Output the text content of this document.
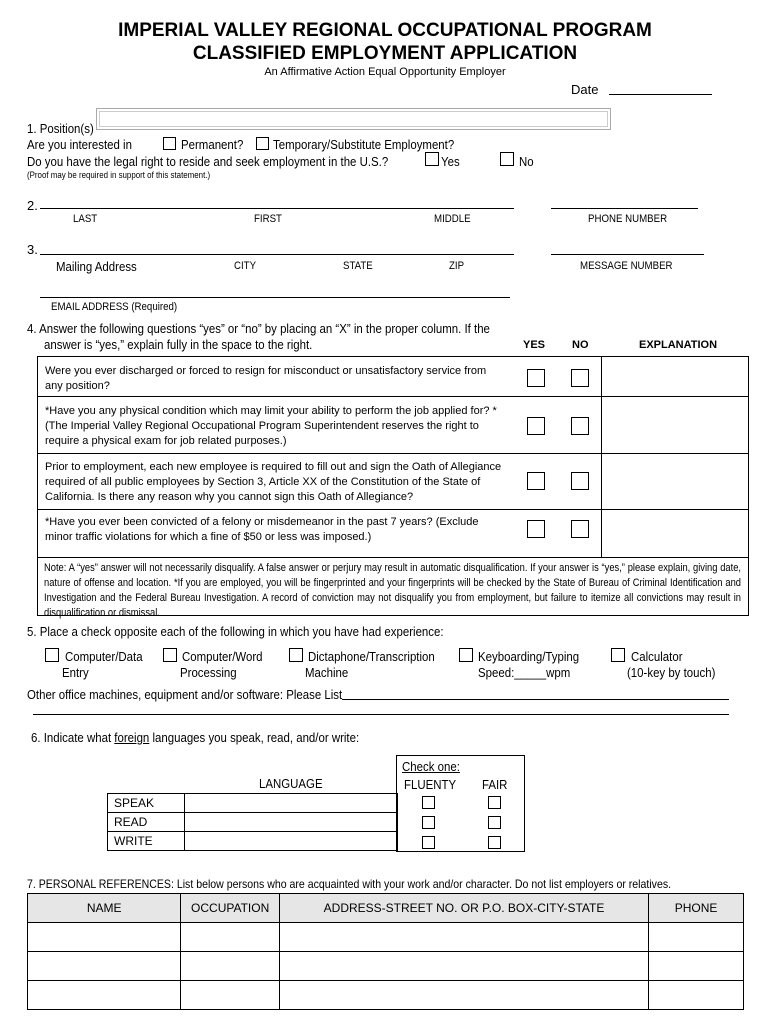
IMPERIAL VALLEY REGIONAL OCCUPATIONAL PROGRAM
CLASSIFIED EMPLOYMENT APPLICATION
An Affirmative Action Equal Opportunity Employer
Date
1. Position(s)
Are you interested in	Permanent? Temporary/Substitute Employment?
Do you have the legal right to reside and seek employment in the U.S.?	Yes	No
(Proof may be required in support of this statement.)
2.
LAST	FIRST	MIDDLE	PHONE NUMBER
3.
Mailing Address	CITY	STATE	ZIP	MESSAGE NUMBER
EMAIL ADDRESS (Required)
4. Answer the following questions “yes” or “no” by placing an “X” in the proper column. If the
answer is “yes,” explain fully in the space to the right.	YES NO	EXPLANATION
Were you ever discharged or forced to resign for misconduct or unsatisfactory service from any position?
*Have you any physical condition which may limit your ability to perform the job applied for? *(The Imperial Valley Regional Occupational Program Superintendent reserves the right to require a physical exam for job related purposes.)
Prior to employment, each new employee is required to fill out and sign the Oath of Allegiance required of all public employees by Section 3, Article XX of the Constitution of the State of California. Is there any reason why you cannot sign this Oath of Allegiance?
*Have you ever been convicted of a felony or misdemeanor in the past 7 years? (Exclude minor traffic violations for which a fine of $50 or less was imposed.)
Note: A “yes” answer will not necessarily disqualify. A false answer or perjury may result in automatic disqualification. If your answer is “yes,” please explain, giving date, nature of offense and location. *If you are employed, you will be fingerprinted and your fingerprints will be checked by the State of Bureau of Criminal Identification and Investigation and the Federal Bureau Investigation. A record of conviction may not disqualify you from employment, but failure to itemize all convictions may result in disqualification or dismissal.
5. Place a check opposite each of the following in which you have had experience:
Computer/Data
Entry
Computer/Word
Processing
Dictaphone/Transcription
Machine
Keyboarding/Typing
Speed:_____wpm
Calculator
(10-key by touch)
Other office machines, equipment and/or software: Please List
6. Indicate what foreign languages you speak, read, and/or write:
Check one:
FLUENTY FAIR
LANGUAGE
SPEAK	
READ	
WRITE	
7. PERSONAL REFERENCES: List below persons who are acquainted with your work and/or character. Do not list employers or relatives.
NAME	OCCUPATION	ADDRESS-STREET NO. OR P.O. BOX-CITY-STATE	PHONE
